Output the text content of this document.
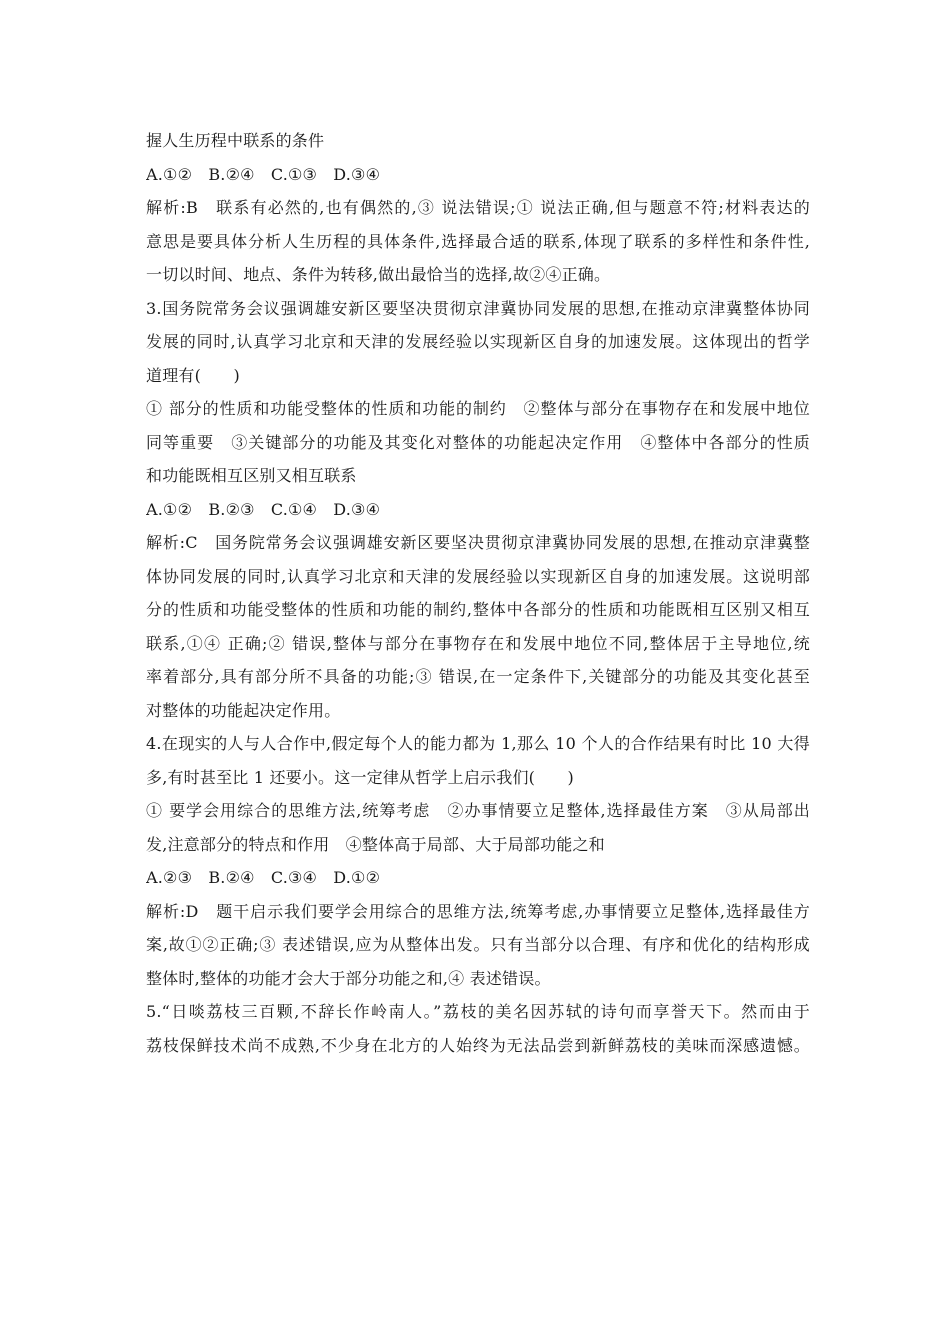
握人生历程中联系的条件
A.①②　B.②④　C.①③　D.③④
解析:B　联系有必然的,也有偶然的,③ 说法错误;① 说法正确,但与题意不符;材料表达的
意思是要具体分析人生历程的具体条件,选择最合适的联系,体现了联系的多样性和条件性,
一切以时间、地点、条件为转移,做出最恰当的选择,故②④正确。
3.国务院常务会议强调雄安新区要坚决贯彻京津冀协同发展的思想,在推动京津冀整体协同
发展的同时,认真学习北京和天津的发展经验以实现新区自身的加速发展。这体现出的哲学
道理有(　　)
① 部分的性质和功能受整体的性质和功能的制约　②整体与部分在事物存在和发展中地位
同等重要　③关键部分的功能及其变化对整体的功能起决定作用　④整体中各部分的性质
和功能既相互区别又相互联系
A.①②　B.②③　C.①④　D.③④
解析:C　国务院常务会议强调雄安新区要坚决贯彻京津冀协同发展的思想,在推动京津冀整
体协同发展的同时,认真学习北京和天津的发展经验以实现新区自身的加速发展。这说明部
分的性质和功能受整体的性质和功能的制约,整体中各部分的性质和功能既相互区别又相互
联系,①④ 正确;② 错误,整体与部分在事物存在和发展中地位不同,整体居于主导地位,统
率着部分,具有部分所不具备的功能;③ 错误,在一定条件下,关键部分的功能及其变化甚至
对整体的功能起决定作用。
4.在现实的人与人合作中,假定每个人的能力都为 1,那么 10 个人的合作结果有时比 10 大得
多,有时甚至比 1 还要小。这一定律从哲学上启示我们(　　)
① 要学会用综合的思维方法,统筹考虑　②办事情要立足整体,选择最佳方案　③从局部出
发,注意部分的特点和作用　④整体高于局部、大于局部功能之和
A.②③　B.②④　C.③④　D.①②
解析:D　题干启示我们要学会用综合的思维方法,统筹考虑,办事情要立足整体,选择最佳方
案,故①②正确;③ 表述错误,应为从整体出发。只有当部分以合理、有序和优化的结构形成
整体时,整体的功能才会大于部分功能之和,④ 表述错误。
5.“日啖荔枝三百颗,不辞长作岭南人。”荔枝的美名因苏轼的诗句而享誉天下。然而由于
荔枝保鲜技术尚不成熟,不少身在北方的人始终为无法品尝到新鲜荔枝的美味而深感遗憾。
